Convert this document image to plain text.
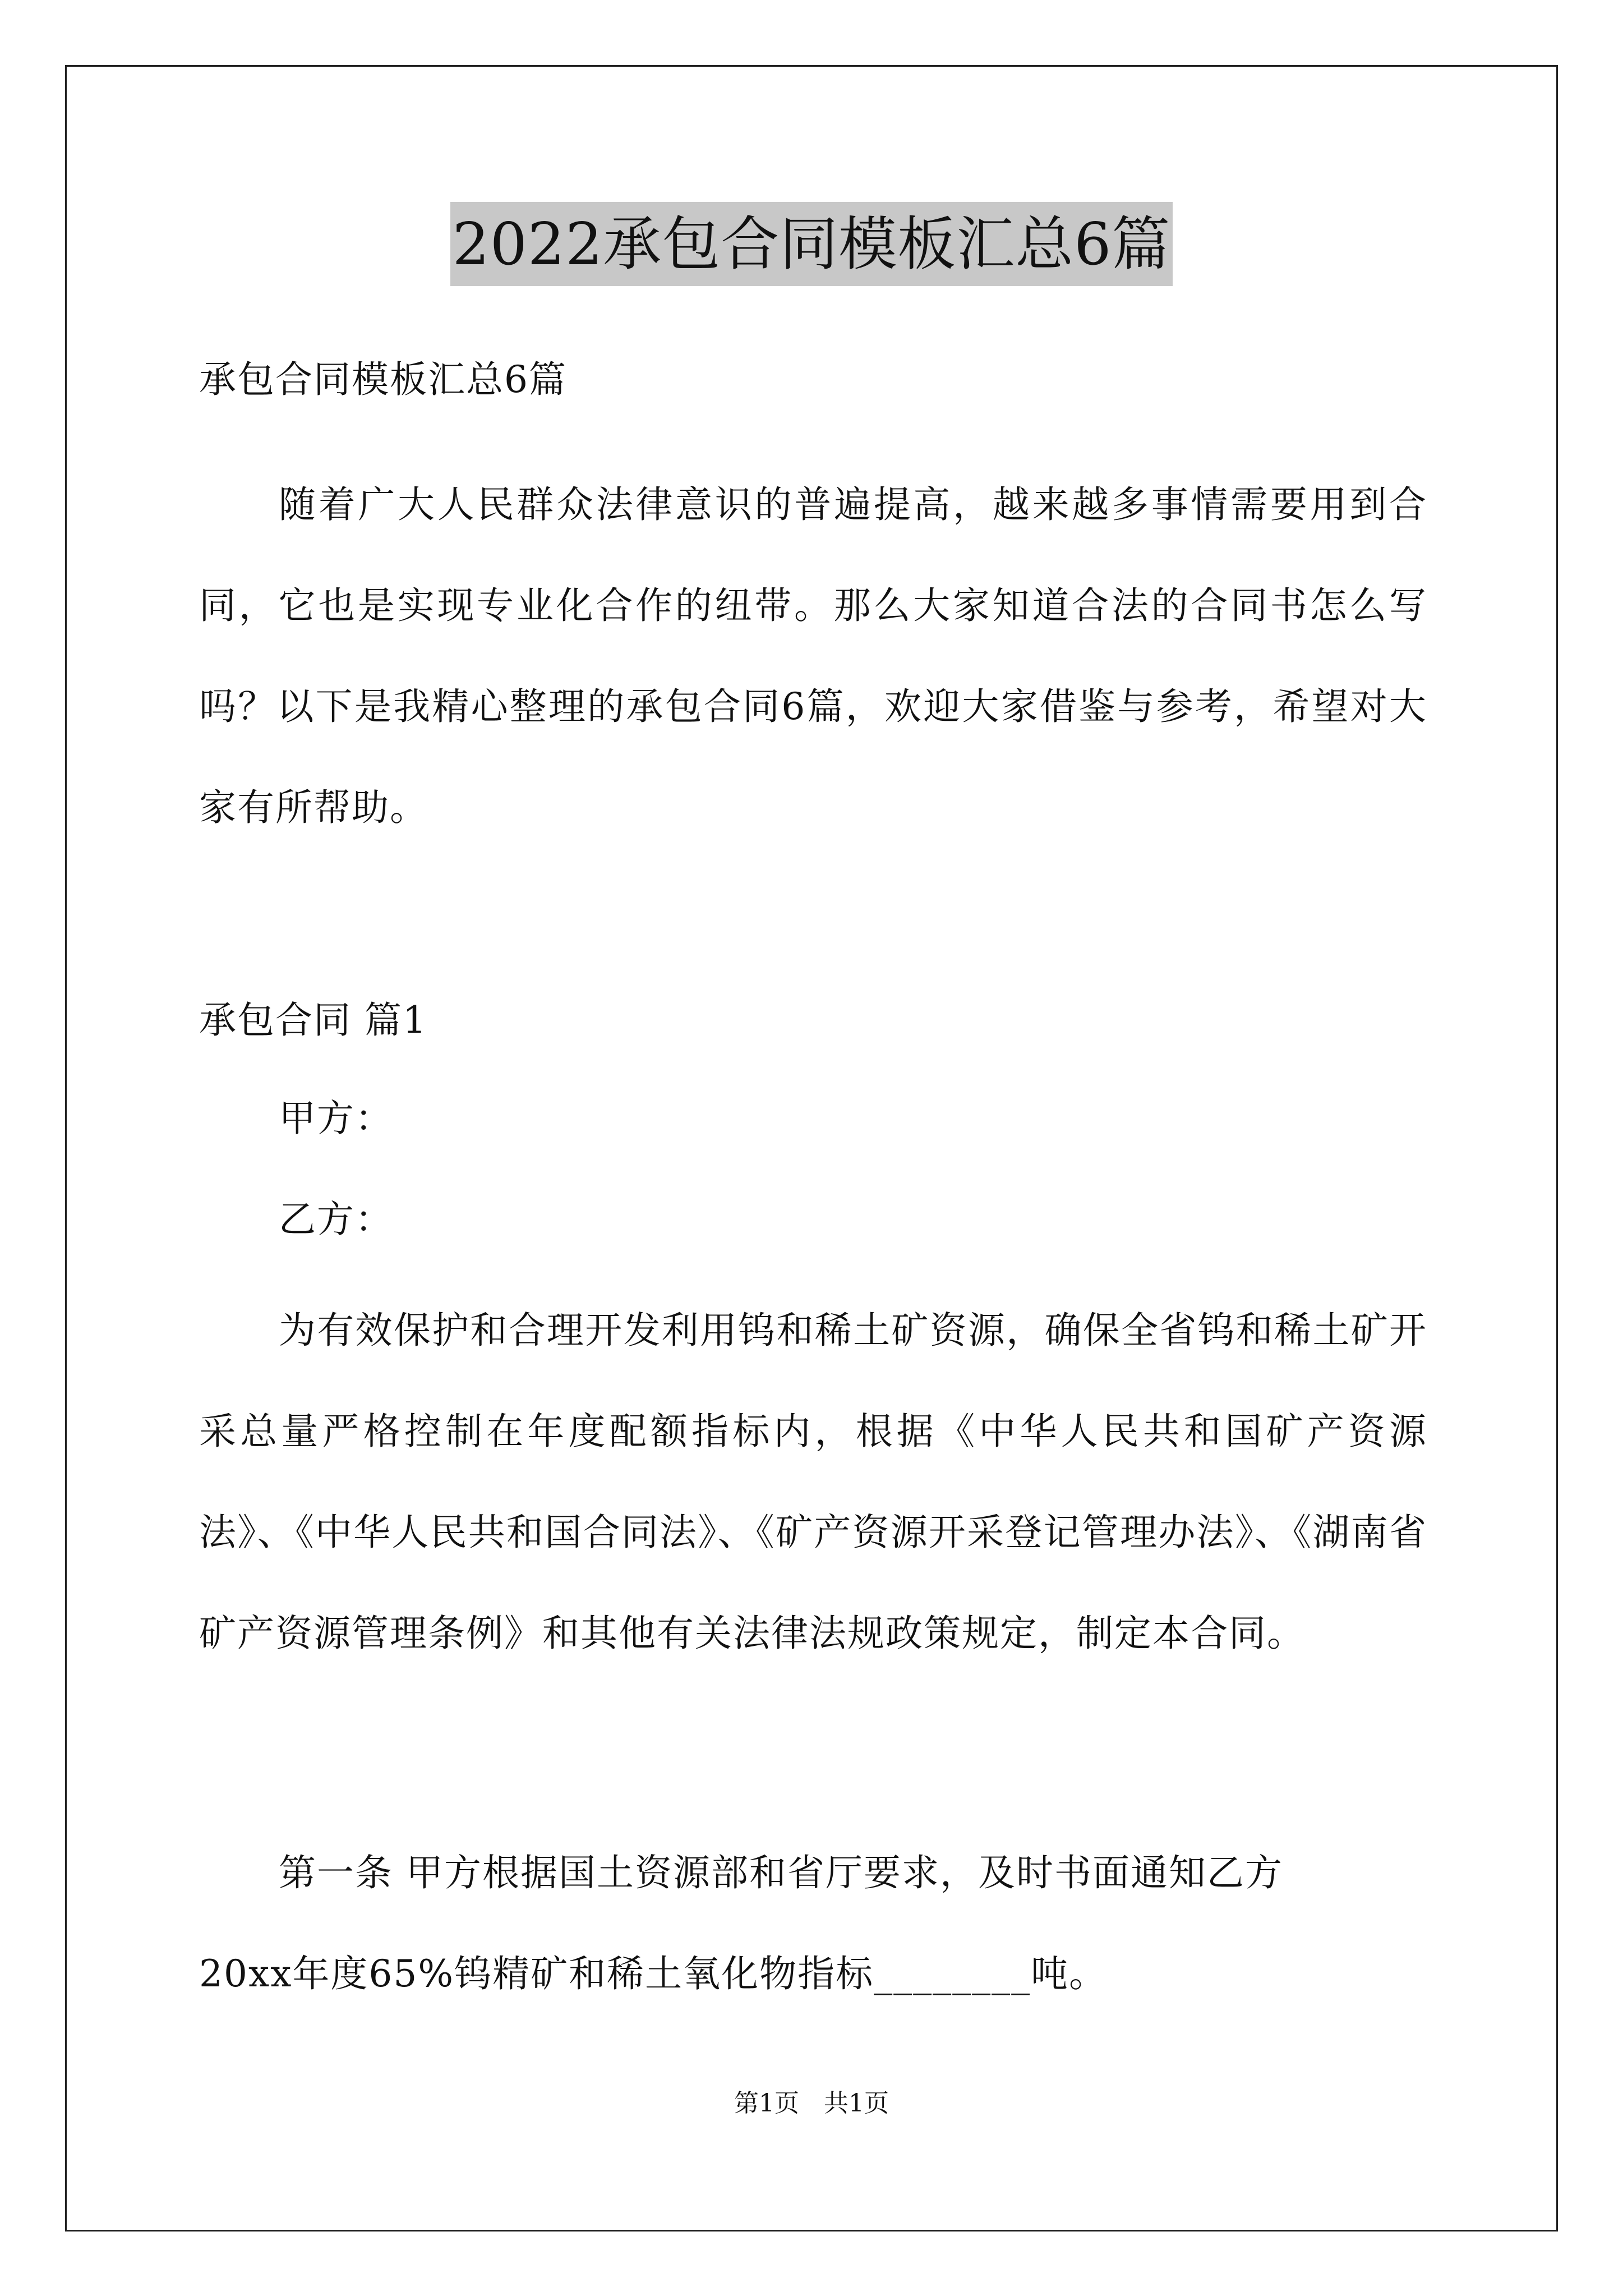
2022承包合同模板汇总6篇

承包合同模板汇总6篇

随着广大人民群众法律意识的普遍提高，越来越多事情需要用到合同，它也是实现专业化合作的纽带。那么大家知道合法的合同书怎么写吗？以下是我精心整理的承包合同6篇，欢迎大家借鉴与参考，希望对大家有所帮助。

承包合同 篇1

甲方：

乙方：

为有效保护和合理开发利用钨和稀土矿资源，确保全省钨和稀土矿开采总量严格控制在年度配额指标内，根据《中华人民共和国矿产资源法》、《中华人民共和国合同法》、《矿产资源开采登记管理办法》、《湖南省矿产资源管理条例》和其他有关法律法规政策规定，制定本合同。

第一条 甲方根据国土资源部和省厅要求，及时书面通知乙方

20xx年度65%钨精矿和稀土氧化物指标________吨。

第1页　共1页
